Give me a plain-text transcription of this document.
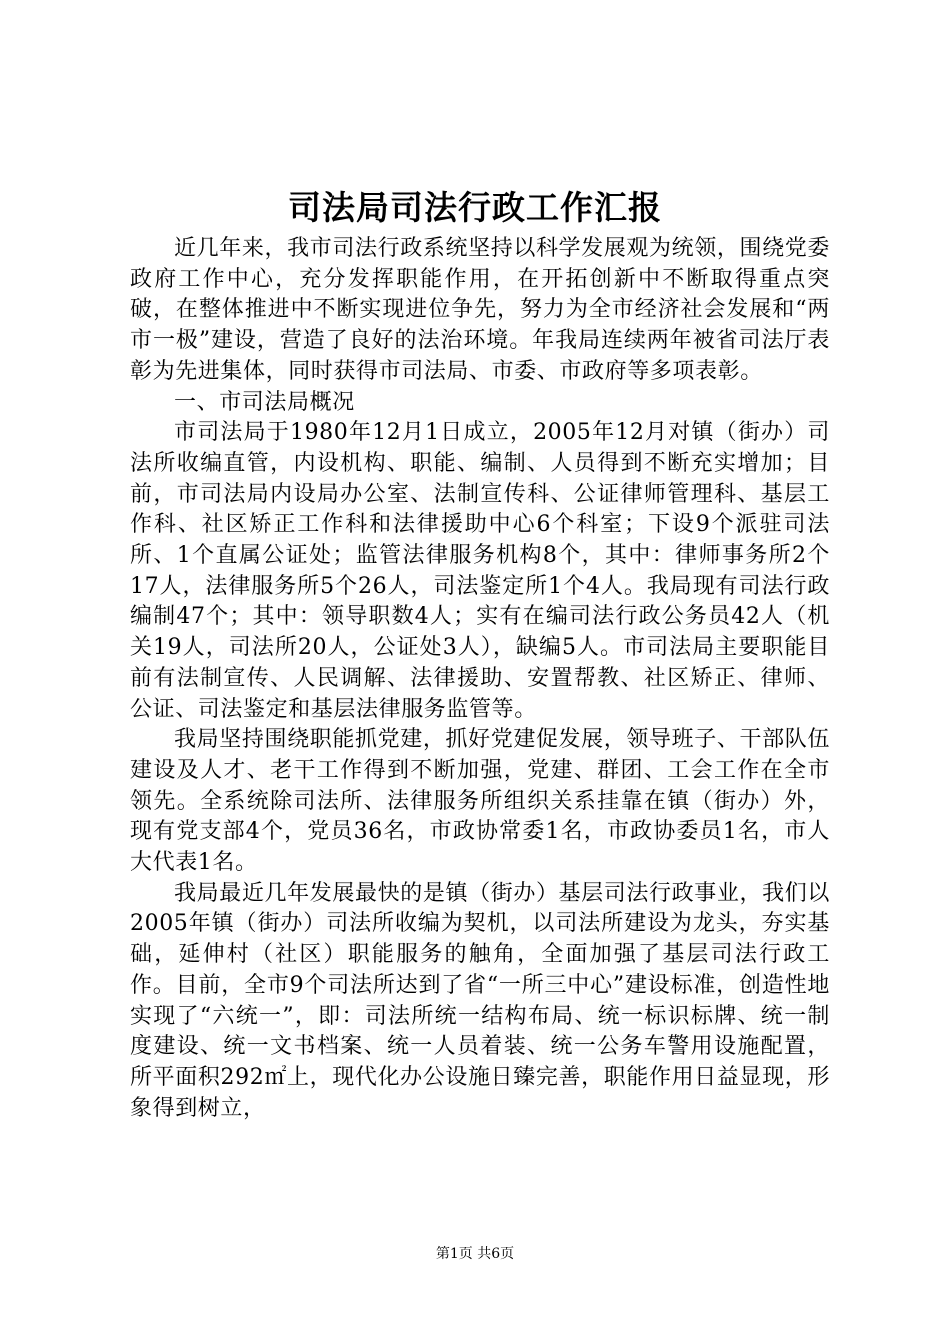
司法局司法行政工作汇报

近几年来，我市司法行政系统坚持以科学发展观为统领，围绕党委政府工作中心，充分发挥职能作用，在开拓创新中不断取得重点突破，在整体推进中不断实现进位争先，努力为全市经济社会发展和“两市一极”建设，营造了良好的法治环境。年我局连续两年被省司法厅表彰为先进集体，同时获得市司法局、市委、市政府等多项表彰。

一、市司法局概况

市司法局于1980年12月1日成立，2005年12月对镇（街办）司法所收编直管，内设机构、职能、编制、人员得到不断充实增加；目前，市司法局内设局办公室、法制宣传科、公证律师管理科、基层工作科、社区矫正工作科和法律援助中心6个科室；下设9个派驻司法所、1个直属公证处；监管法律服务机构8个，其中：律师事务所2个17人，法律服务所5个26人，司法鉴定所1个4人。我局现有司法行政编制47个；其中：领导职数4人；实有在编司法行政公务员42人（机关19人，司法所20人，公证处3人），缺编5人。市司法局主要职能目前有法制宣传、人民调解、法律援助、安置帮教、社区矫正、律师、公证、司法鉴定和基层法律服务监管等。

我局坚持围绕职能抓党建，抓好党建促发展，领导班子、干部队伍建设及人才、老干工作得到不断加强，党建、群团、工会工作在全市领先。全系统除司法所、法律服务所组织关系挂靠在镇（街办）外，现有党支部4个，党员36名，市政协常委1名，市政协委员1名，市人大代表1名。

我局最近几年发展最快的是镇（街办）基层司法行政事业，我们以2005年镇（街办）司法所收编为契机，以司法所建设为龙头，夯实基础，延伸村（社区）职能服务的触角，全面加强了基层司法行政工作。目前，全市9个司法所达到了省“一所三中心”建设标准，创造性地实现了“六统一”，即：司法所统一结构布局、统一标识标牌、统一制度建设、统一文书档案、统一人员着装、统一公务车警用设施配置，所平面积292㎡上，现代化办公设施日臻完善，职能作用日益显现，形象得到树立，

第1页 共6页
